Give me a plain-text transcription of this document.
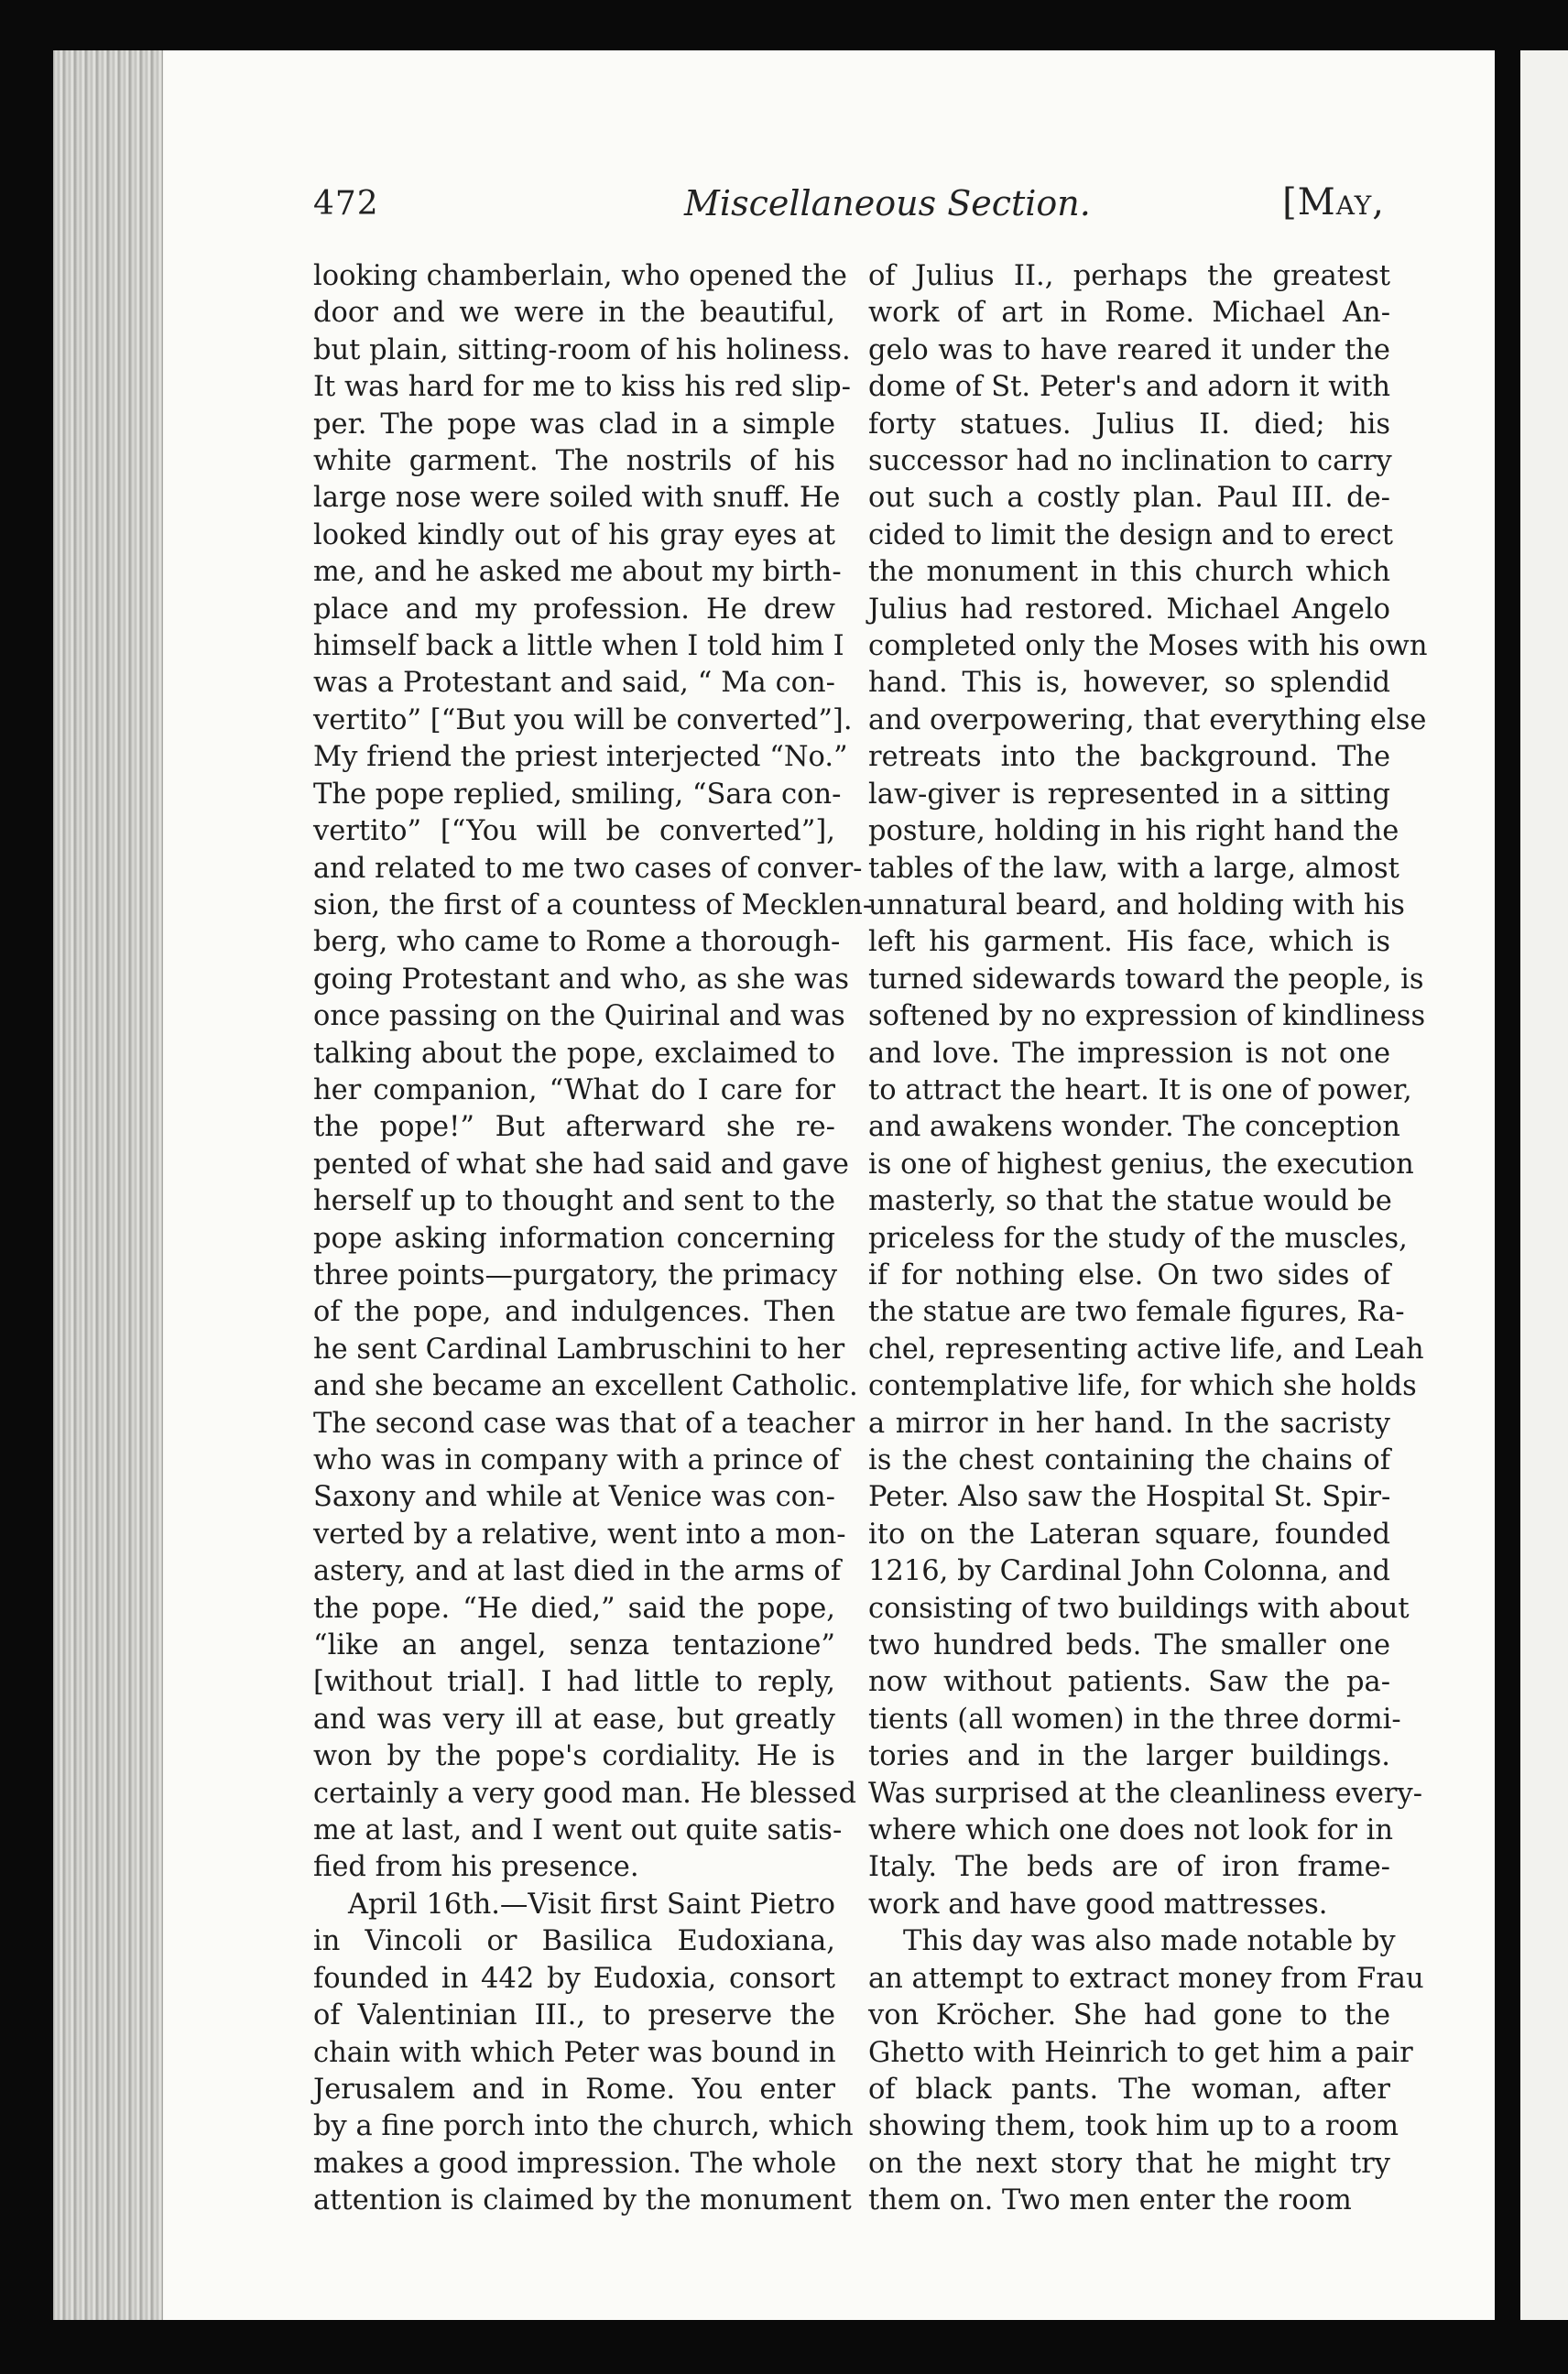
472	Miscellaneous Section.	[May,
looking chamberlain, who opened the
door and we were in the beautiful,
but plain, sitting-room of his holiness.
It was hard for me to kiss his red slip-
per. The pope was clad in a simple
white garment. The nostrils of his
large nose were soiled with snuff. He
looked kindly out of his gray eyes at
me, and he asked me about my birth-
place and my profession. He drew
himself back a little when I told him I
was a Protestant and said, “ Ma con-
vertito” [“But you will be converted”].
My friend the priest interjected “No.”
The pope replied, smiling, “Sara con-
vertito” [“You will be converted”],
and related to me two cases of conver-
sion, the first of a countess of Mecklen-
berg, who came to Rome a thorough-
going Protestant and who, as she was
once passing on the Quirinal and was
talking about the pope, exclaimed to
her companion, “What do I care for
the pope!” But afterward she re-
pented of what she had said and gave
herself up to thought and sent to the
pope asking information concerning
three points—purgatory, the primacy
of the pope, and indulgences. Then
he sent Cardinal Lambruschini to her
and she became an excellent Catholic.
The second case was that of a teacher
who was in company with a prince of
Saxony and while at Venice was con-
verted by a relative, went into a mon-
astery, and at last died in the arms of
the pope. “He died,” said the pope,
“like an angel, senza tentazione”
[without trial]. I had little to reply,
and was very ill at ease, but greatly
won by the pope's cordiality. He is
certainly a very good man. He blessed
me at last, and I went out quite satis-
fied from his presence.
April 16th.—Visit first Saint Pietro
in Vincoli or Basilica Eudoxiana,
founded in 442 by Eudoxia, consort
of Valentinian III., to preserve the
chain with which Peter was bound in
Jerusalem and in Rome. You enter
by a fine porch into the church, which
makes a good impression. The whole
attention is claimed by the monument
of Julius II., perhaps the greatest
work of art in Rome. Michael An-
gelo was to have reared it under the
dome of St. Peter's and adorn it with
forty statues. Julius II. died; his
successor had no inclination to carry
out such a costly plan. Paul III. de-
cided to limit the design and to erect
the monument in this church which
Julius had restored. Michael Angelo
completed only the Moses with his own
hand. This is, however, so splendid
and overpowering, that everything else
retreats into the background. The
law-giver is represented in a sitting
posture, holding in his right hand the
tables of the law, with a large, almost
unnatural beard, and holding with his
left his garment. His face, which is
turned sidewards toward the people, is
softened by no expression of kindliness
and love. The impression is not one
to attract the heart. It is one of power,
and awakens wonder. The conception
is one of highest genius, the execution
masterly, so that the statue would be
priceless for the study of the muscles,
if for nothing else. On two sides of
the statue are two female figures, Ra-
chel, representing active life, and Leah
contemplative life, for which she holds
a mirror in her hand. In the sacristy
is the chest containing the chains of
Peter. Also saw the Hospital St. Spir-
ito on the Lateran square, founded
1216, by Cardinal John Colonna, and
consisting of two buildings with about
two hundred beds. The smaller one
now without patients. Saw the pa-
tients (all women) in the three dormi-
tories and in the larger buildings.
Was surprised at the cleanliness every-
where which one does not look for in
Italy. The beds are of iron frame-
work and have good mattresses.
This day was also made notable by
an attempt to extract money from Frau
von Kröcher. She had gone to the
Ghetto with Heinrich to get him a pair
of black pants. The woman, after
showing them, took him up to a room
on the next story that he might try
them on. Two men enter the room
